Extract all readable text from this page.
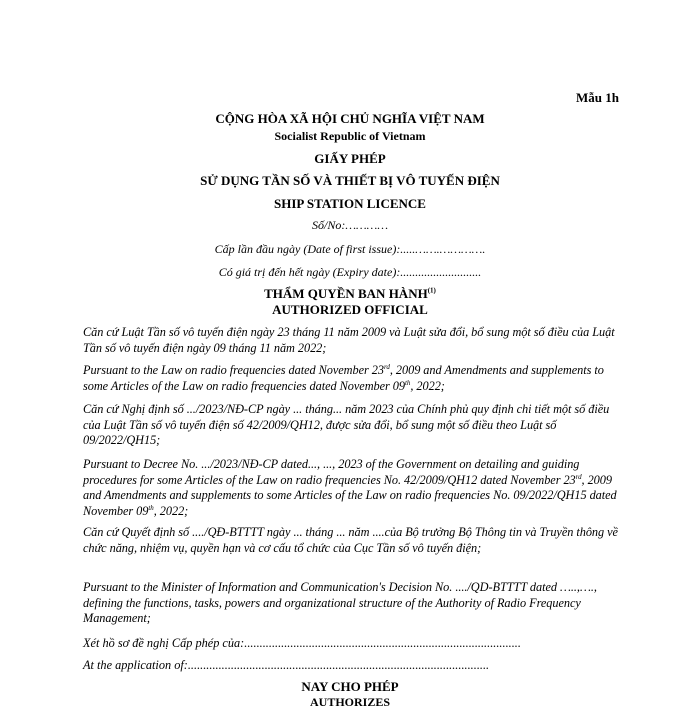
Mẫu 1h
CỘNG HÒA XÃ HỘI CHỦ NGHĨA VIỆT NAM
Socialist Republic of Vietnam
GIẤY PHÉP
SỬ DỤNG TẦN SỐ VÀ THIẾT BỊ VÔ TUYẾN ĐIỆN
SHIP STATION LICENCE
Số/No:…………
Cấp lần đầu ngày (Date of first issue):.....…….………….
Có giá trị đến hết ngày (Expiry date):...........................
THẨM QUYỀN BAN HÀNH$^{(1)}$
AUTHORIZED OFFICIAL
Căn cứ Luật Tần số vô tuyến điện ngày 23 tháng 11 năm 2009 và Luật sửa đổi, bổ sung một số điều của Luật Tần số vô tuyến điện ngày 09 tháng 11 năm 2022;
Pursuant to the Law on radio frequencies dated November 23rd, 2009 and Amendments and supplements to some Articles of the Law on radio frequencies dated November 09th, 2022;
Căn cứ Nghị định số .../2023/NĐ-CP ngày ... tháng... năm 2023 của Chính phủ quy định chi tiết một số điều của Luật Tần số vô tuyến điện số 42/2009/QH12, được sửa đổi, bổ sung một số điều theo Luật số 09/2022/QH15;
Pursuant to Decree No. .../2023/NĐ-CP dated..., ..., 2023 of the Government on detailing and guiding procedures for some Articles of the Law on radio frequencies No. 42/2009/QH12 dated November 23rd, 2009 and Amendments and supplements to some Articles of the Law on radio frequencies No. 09/2022/QH15 dated November 09th, 2022;
Căn cứ Quyết định số ..../QĐ-BTTTT ngày ... tháng ... năm ....của Bộ trưởng Bộ Thông tin và Truyền thông về chức năng, nhiệm vụ, quyền hạn và cơ cấu tổ chức của Cục Tần số vô tuyến điện;
Pursuant to the Minister of Information and Communication's Decision No. ..../QD-BTTTT dated …..,…., defining the functions, tasks, powers and organizational structure of the Authority of Radio Frequency Management;
Xét hồ sơ đề nghị Cấp phép của:..........................................................................................
At the application of:..................................................................................................
NAY CHO PHÉP
AUTHORIZES
